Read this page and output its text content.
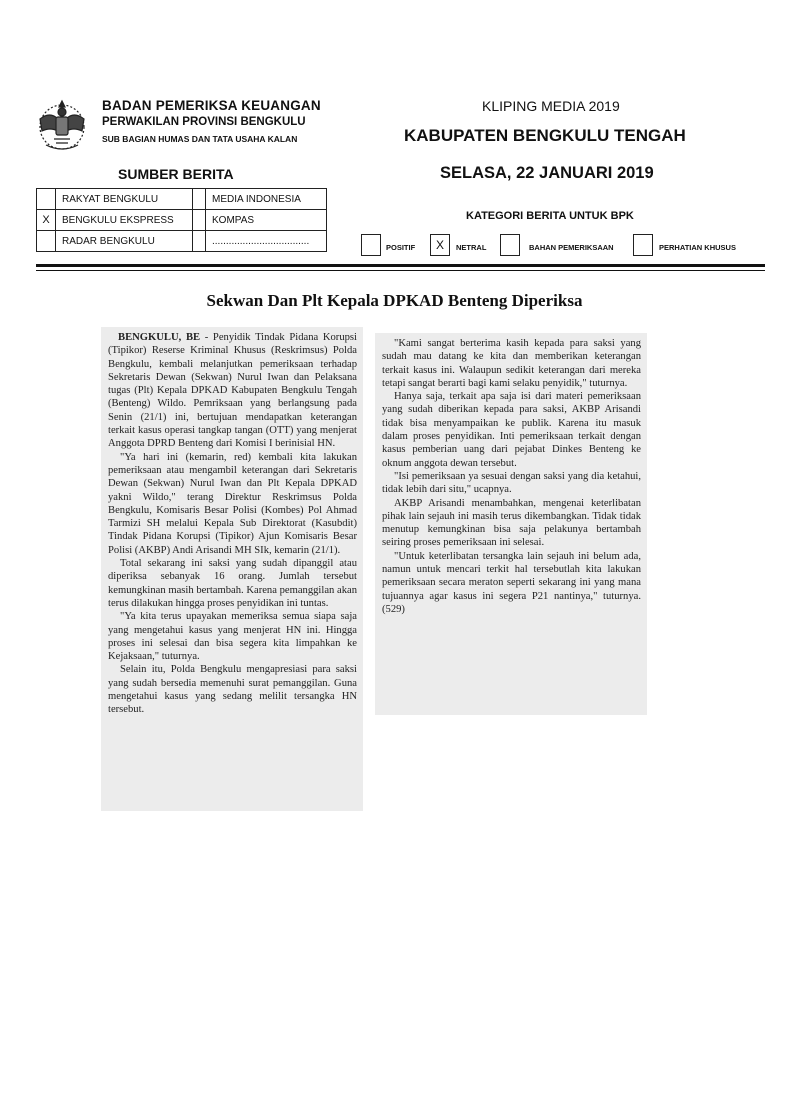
BADAN PEMERIKSA KEUANGAN
PERWAKILAN PROVINSI BENGKULU
SUB BAGIAN HUMAS DAN TATA USAHA KALAN
KLIPING MEDIA 2019
KABUPATEN BENGKULU TENGAH
SELASA, 22 JANUARI 2019
SUMBER BERITA
KATEGORI BERITA UNTUK BPK
	RAKYAT BENGKULU		MEDIA INDONESIA
X	BENGKULU EKSPRESS		KOMPAS
	RADAR BENGKULU		...................................
POSITIF	X	NETRAL	BAHAN PEMERIKSAAN	PERHATIAN KHUSUS
Sekwan Dan Plt Kepala DPKAD Benteng Diperiksa

BENGKULU, BE - Penyidik Tindak Pidana Korupsi (Tipikor) Reserse Kriminal Khusus (Reskrimsus) Polda Bengkulu, kembali melanjutkan pemeriksaan terhadap Sekretaris Dewan (Sekwan) Nurul Iwan dan Pelaksana tugas (Plt) Kepala DPKAD Kabupaten Bengkulu Tengah (Benteng) Wildo. Pemriksaan yang berlangsung pada Senin (21/1) ini, bertujuan mendapatkan keterangan terkait kasus operasi tangkap tangan (OTT) yang menjerat Anggota DPRD Benteng dari Komisi I berinisial HN.

"Ya hari ini (kemarin, red) kembali kita lakukan pemeriksaan atau mengambil keterangan dari Sekretaris Dewan (Sekwan) Nurul Iwan dan Plt Kepala DPKAD yakni Wildo," terang Direktur Reskrimsus Polda Bengkulu, Komisaris Besar Polisi (Kombes) Pol Ahmad Tarmizi SH melalui Kepala Sub Direktorat (Kasubdit) Tindak Pidana Korupsi (Tipikor) Ajun Komisaris Besar Polisi (AKBP) Andi Arisandi MH SIk, kemarin (21/1).

Total sekarang ini saksi yang sudah dipanggil atau diperiksa sebanyak 16 orang. Jumlah tersebut kemungkinan masih bertambah. Karena pemanggilan akan terus dilakukan hingga proses penyidikan ini tuntas.

"Ya kita terus upayakan memeriksa semua siapa saja yang mengetahui kasus yang menjerat HN ini. Hingga proses ini selesai dan bisa segera kita limpahkan ke Kejaksaan," tuturnya.

Selain itu, Polda Bengkulu mengapresiasi para saksi yang sudah bersedia memenuhi surat pemanggilan. Guna mengetahui kasus yang sedang melilit tersangka HN tersebut.

"Kami sangat berterima kasih kepada para saksi yang sudah mau datang ke kita dan memberikan keterangan terkait kasus ini. Walaupun sedikit keterangan dari mereka tetapi sangat berarti bagi kami selaku penyidik," tuturnya.

Hanya saja, terkait apa saja isi dari materi pemeriksaan yang sudah diberikan kepada para saksi, AKBP Arisandi tidak bisa menyampaikan ke publik. Karena itu masuk dalam proses penyidikan. Inti pemeriksaan terkait dengan kasus pemberian uang dari pejabat Dinkes Benteng ke oknum anggota dewan tersebut.

"Isi pemeriksaan ya sesuai dengan saksi yang dia ketahui, tidak lebih dari situ," ucapnya.

AKBP Arisandi menambahkan, mengenai keterlibatan pihak lain sejauh ini masih terus dikembangkan. Tidak tidak menutup kemungkinan bisa saja pelakunya bertambah seiring proses pemeriksaan ini selesai.

"Untuk keterlibatan tersangka lain sejauh ini belum ada, namun untuk mencari terkit hal tersebutlah kita lakukan pemeriksaan secara meraton seperti sekarang ini yang mana tujuannya agar kasus ini segera P21 nantinya," tuturnya. (529)
